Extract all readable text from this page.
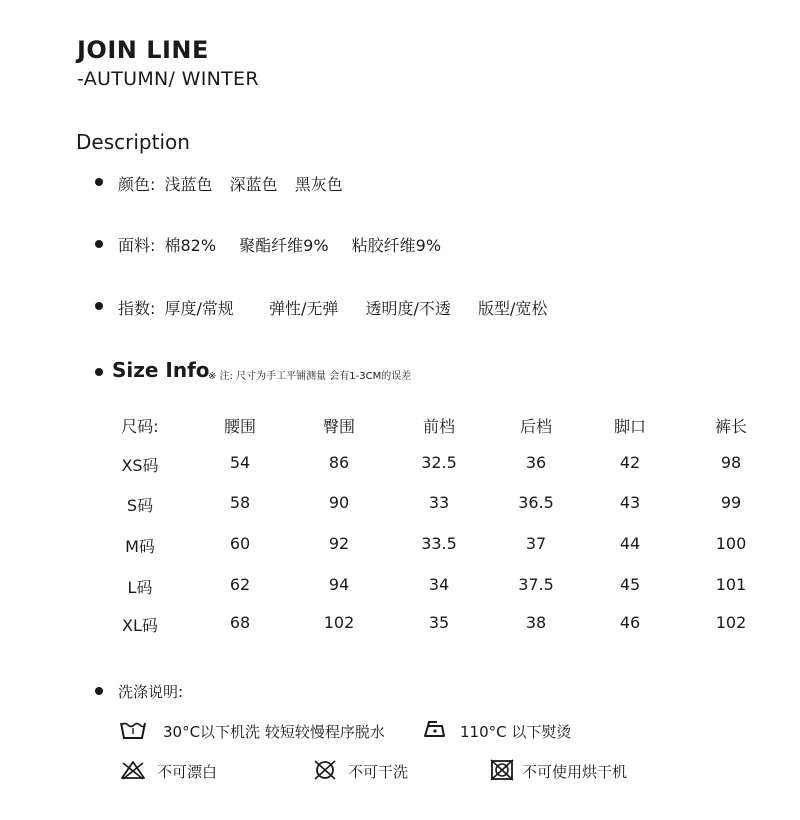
JOIN LINE
-AUTUMN/ WINTER
Description
颜色: 浅蓝色 深蓝色 黑灰色
面料: 棉82% 聚酯纤维9% 粘胶纤维9%
指数: 厚度/常规 弹性/无弹 透明度/不透 版型/宽松
Size Info
※ 注: 尺寸为手工平铺测量 会有1-3CM的误差
尺码:	腰围	臀围	前档	后档	脚口	裤长
XS码	54	86	32.5	36	42	98
S码	58	90	33	36.5	43	99
M码	60	92	33.5	37	44	100
L码	62	94	34	37.5	45	101
XL码	68	102	35	38	46	102
洗涤说明:
30°C以下机洗 较短较慢程序脱水	110°C 以下熨烫
不可漂白	不可干洗	不可使用烘干机
